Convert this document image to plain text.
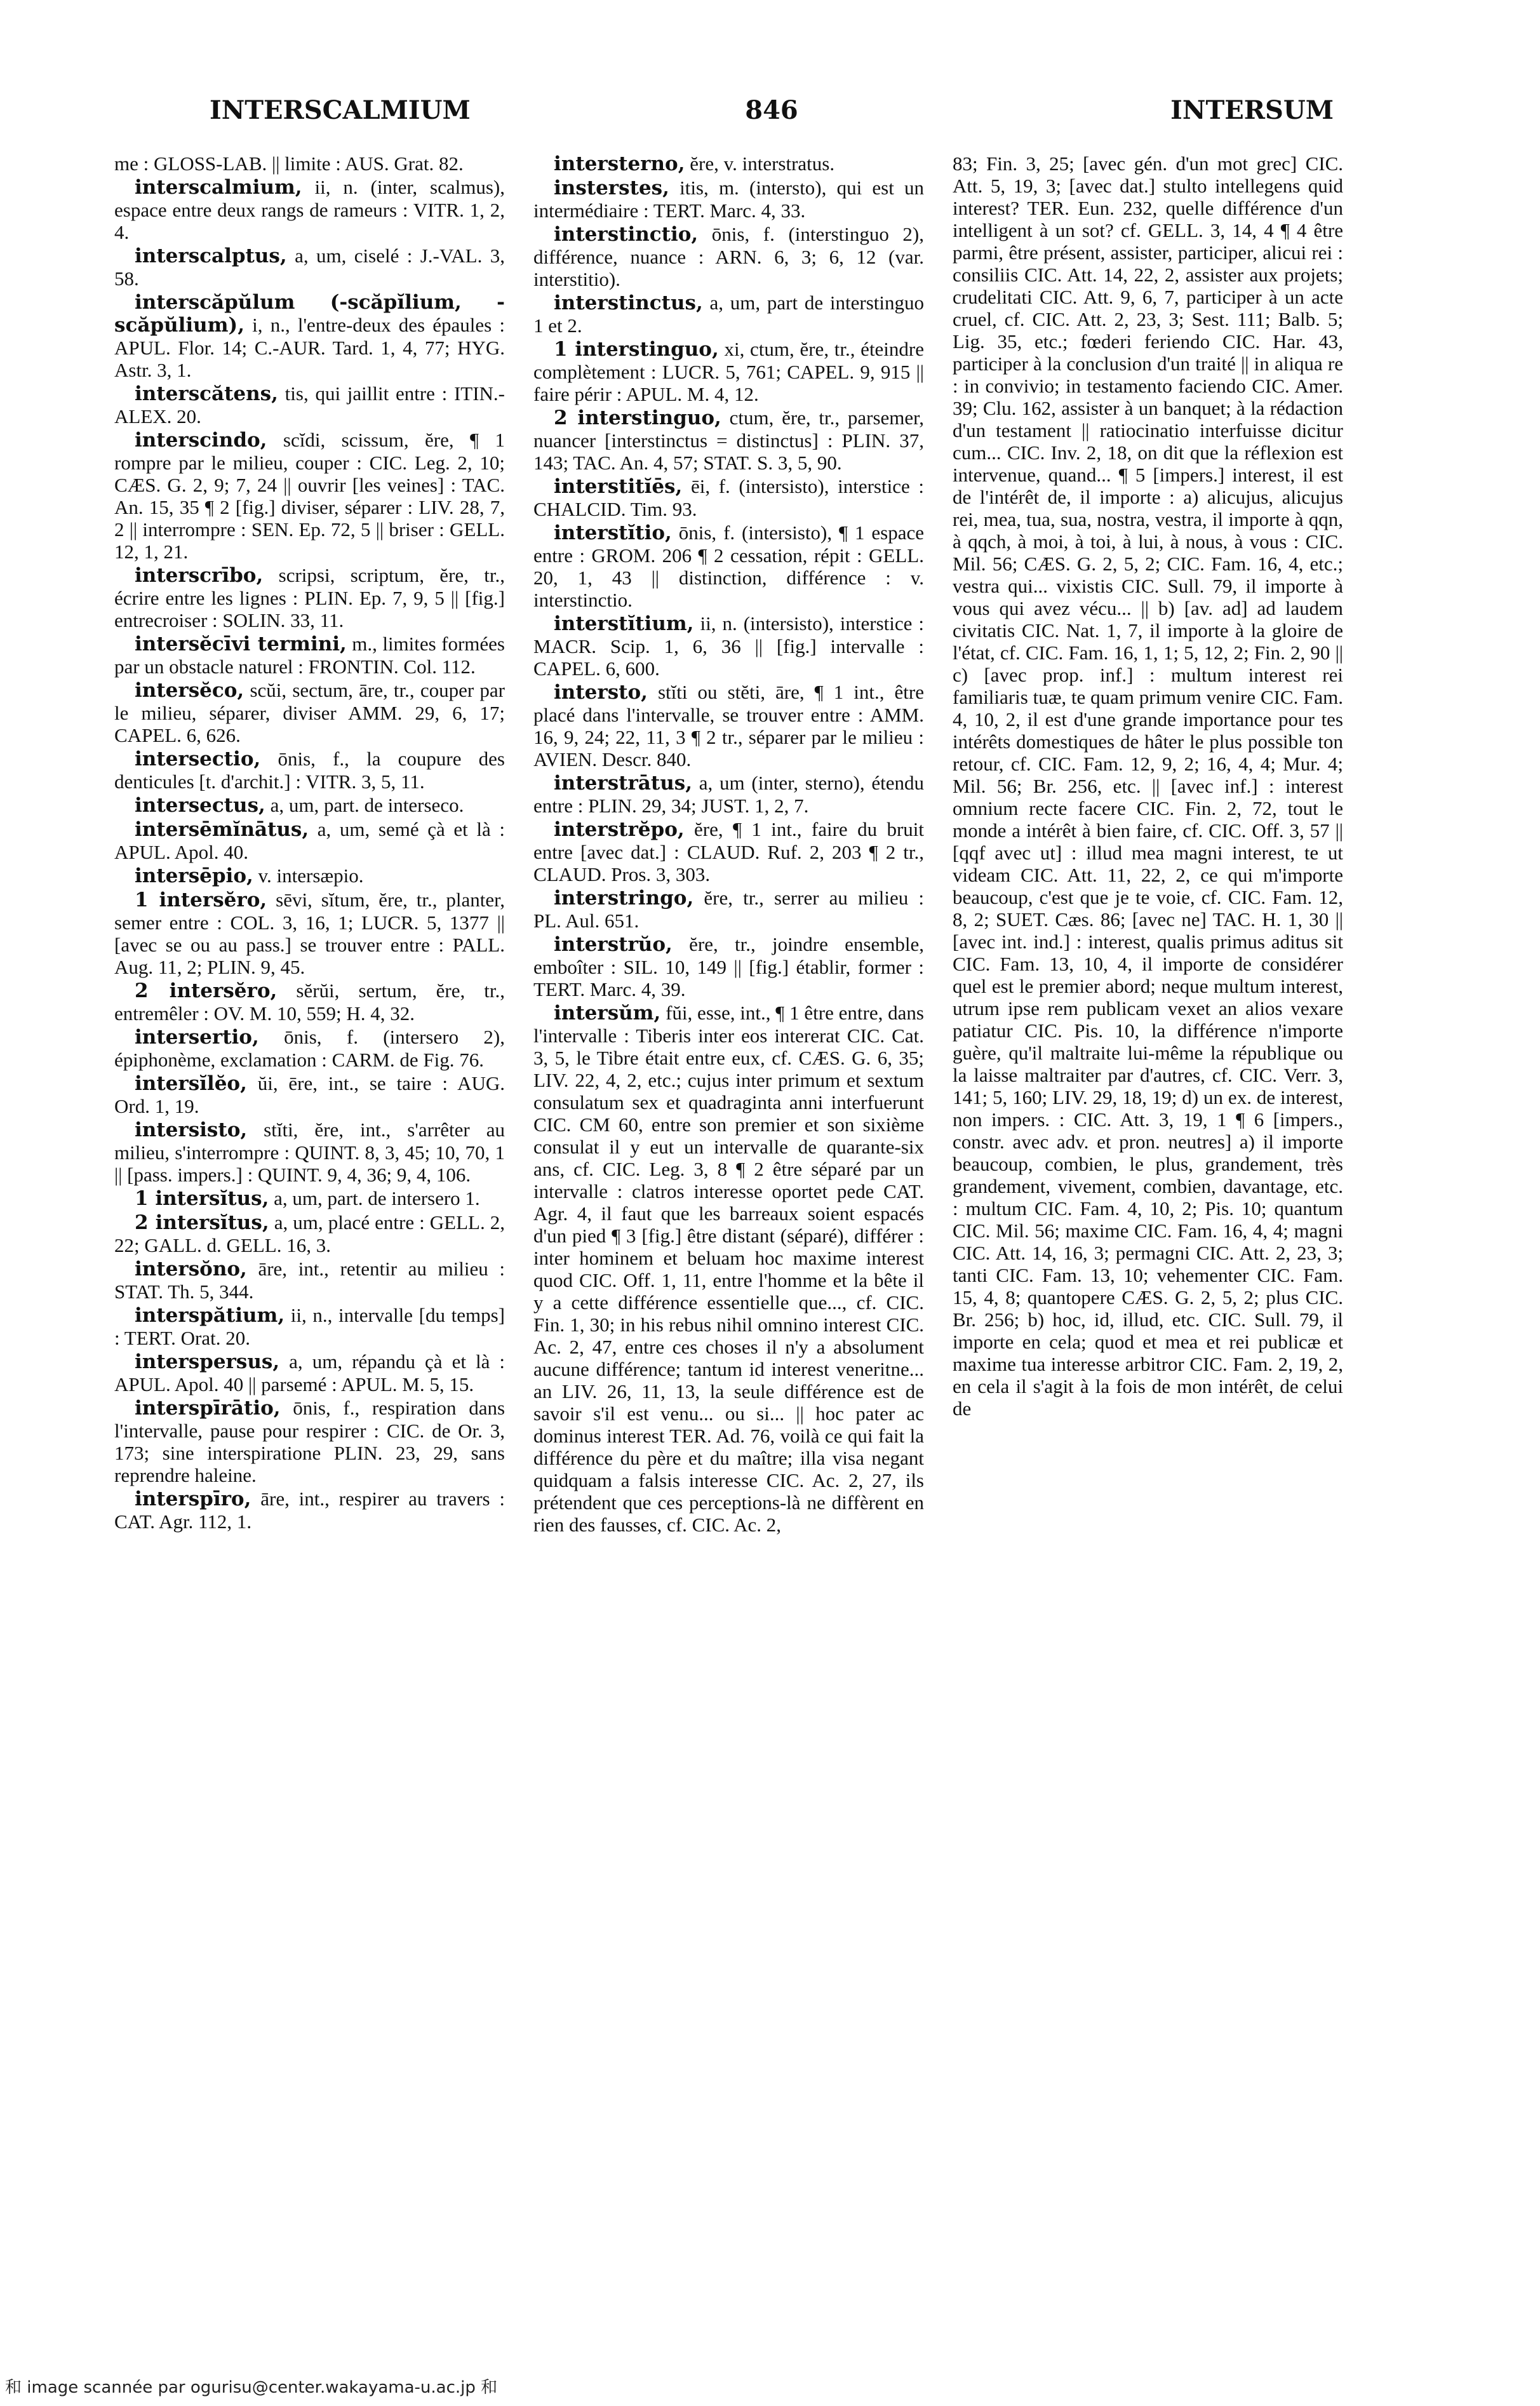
INTERSCALMIUM	846	INTERSUM

me : GLOSS-LAB. || limite : AUS. Grat. 82.

interscalmium, ii, n. (inter, scalmus), espace entre deux rangs de rameurs : VITR. 1, 2, 4.

interscalptus, a, um, ciselé : J.-VAL. 3, 58.

interscăpŭlum (-scăpĭlium, -scăpŭlium), i, n., l'entre-deux des épaules : APUL. Flor. 14; C.-AUR. Tard. 1, 4, 77; HYG. Astr. 3, 1.

interscătens, tis, qui jaillit entre : ITIN.-ALEX. 20.

interscindo, scĭdi, scissum, ĕre, ¶ 1 rompre par le milieu, couper : CIC. Leg. 2, 10; CÆS. G. 2, 9; 7, 24 || ouvrir [les veines] : TAC. An. 15, 35 ¶ 2 [fig.] diviser, séparer : LIV. 28, 7, 2 || interrompre : SEN. Ep. 72, 5 || briser : GELL. 12, 1, 21.

interscrībo, scripsi, scriptum, ĕre, tr., écrire entre les lignes : PLIN. Ep. 7, 9, 5 || [fig.] entrecroiser : SOLIN. 33, 11.

intersĕcīvi termini, m., limites formées par un obstacle naturel : FRONTIN. Col. 112.

intersĕco, scŭi, sectum, āre, tr., couper par le milieu, séparer, diviser AMM. 29, 6, 17; CAPEL. 6, 626.

intersectio, ōnis, f., la coupure des denticules [t. d'archit.] : VITR. 3, 5, 11.

intersectus, a, um, part. de interseco.

intersēmĭnātus, a, um, semé çà et là : APUL. Apol. 40.

intersēpio, v. intersæpio.

1 intersĕro, sēvi, sĭtum, ĕre, tr., planter, semer entre : COL. 3, 16, 1; LUCR. 5, 1377 || [avec se ou au pass.] se trouver entre : PALL. Aug. 11, 2; PLIN. 9, 45.

2 intersĕro, sĕrŭi, sertum, ĕre, tr., entremêler : OV. M. 10, 559; H. 4, 32.

intersertio, ōnis, f. (intersero 2), épiphonème, exclamation : CARM. de Fig. 76.

intersĭlĕo, ŭi, ēre, int., se taire : AUG. Ord. 1, 19.

intersisto, stĭti, ĕre, int., s'arrêter au milieu, s'interrompre : QUINT. 8, 3, 45; 10, 70, 1 || [pass. impers.] : QUINT. 9, 4, 36; 9, 4, 106.

1 intersĭtus, a, um, part. de intersero 1.

2 intersĭtus, a, um, placé entre : GELL. 2, 22; GALL. d. GELL. 16, 3.

intersŏno, āre, int., retentir au milieu : STAT. Th. 5, 344.

interspătium, ii, n., intervalle [du temps] : TERT. Orat. 20.

interspersus, a, um, répandu çà et là : APUL. Apol. 40 || parsemé : APUL. M. 5, 15.

interspīrātio, ōnis, f., respiration dans l'intervalle, pause pour respirer : CIC. de Or. 3, 173; sine interspiratione PLIN. 23, 29, sans reprendre haleine.

interspīro, āre, int., respirer au travers : CAT. Agr. 112, 1.

intersterno, ĕre, v. interstratus.

insterstes, itis, m. (intersto), qui est un intermédiaire : TERT. Marc. 4, 33.

interstinctio, ōnis, f. (interstinguo 2), différence, nuance : ARN. 6, 3; 6, 12 (var. interstitio).

interstinctus, a, um, part de interstinguo 1 et 2.

1 interstinguo, xi, ctum, ĕre, tr., éteindre complètement : LUCR. 5, 761; CAPEL. 9, 915 || faire périr : APUL. M. 4, 12.

2 interstinguo, ctum, ĕre, tr., parsemer, nuancer [interstinctus = distinctus] : PLIN. 37, 143; TAC. An. 4, 57; STAT. S. 3, 5, 90.

interstitĭēs, ēi, f. (intersisto), interstice : CHALCID. Tim. 93.

interstĭtio, ōnis, f. (intersisto), ¶ 1 espace entre : GROM. 206 ¶ 2 cessation, répit : GELL. 20, 1, 43 || distinction, différence : v. interstinctio.

interstĭtium, ii, n. (intersisto), interstice : MACR. Scip. 1, 6, 36 || [fig.] intervalle : CAPEL. 6, 600.

intersto, stĭti ou stĕti, āre, ¶ 1 int., être placé dans l'intervalle, se trouver entre : AMM. 16, 9, 24; 22, 11, 3 ¶ 2 tr., séparer par le milieu : AVIEN. Descr. 840.

interstrātus, a, um (inter, sterno), étendu entre : PLIN. 29, 34; JUST. 1, 2, 7.

interstrĕpo, ĕre, ¶ 1 int., faire du bruit entre [avec dat.] : CLAUD. Ruf. 2, 203 ¶ 2 tr., CLAUD. Pros. 3, 303.

interstringo, ĕre, tr., serrer au milieu : PL. Aul. 651.

interstrŭo, ĕre, tr., joindre ensemble, emboîter : SIL. 10, 149 || [fig.] établir, former : TERT. Marc. 4, 39.

intersŭm, fŭi, esse, int., ¶ 1 être entre, dans l'intervalle : Tiberis inter eos intererat CIC. Cat. 3, 5, le Tibre était entre eux, cf. CÆS. G. 6, 35; LIV. 22, 4, 2, etc.; cujus inter primum et sextum consulatum sex et quadraginta anni interfuerunt CIC. CM 60, entre son premier et son sixième consulat il y eut un intervalle de quarante-six ans, cf. CIC. Leg. 3, 8 ¶ 2 être séparé par un intervalle : clatros interesse oportet pede CAT. Agr. 4, il faut que les barreaux soient espacés d'un pied ¶ 3 [fig.] être distant (séparé), différer : inter hominem et beluam hoc maxime interest quod CIC. Off. 1, 11, entre l'homme et la bête il y a cette différence essentielle que..., cf. CIC. Fin. 1, 30; in his rebus nihil omnino interest CIC. Ac. 2, 47, entre ces choses il n'y a absolument aucune différence; tantum id interest veneritne... an LIV. 26, 11, 13, la seule différence est de savoir s'il est venu... ou si... || hoc pater ac dominus interest TER. Ad. 76, voilà ce qui fait la différence du père et du maître; illa visa negant quidquam a falsis interesse CIC. Ac. 2, 27, ils prétendent que ces perceptions-là ne diffèrent en rien des fausses, cf. CIC. Ac. 2,

83; Fin. 3, 25; [avec gén. d'un mot grec] CIC. Att. 5, 19, 3; [avec dat.] stulto intellegens quid interest? TER. Eun. 232, quelle différence d'un intelligent à un sot? cf. GELL. 3, 14, 4 ¶ 4 être parmi, être présent, assister, participer, alicui rei : consiliis CIC. Att. 14, 22, 2, assister aux projets; crudelitati CIC. Att. 9, 6, 7, participer à un acte cruel, cf. CIC. Att. 2, 23, 3; Sest. 111; Balb. 5; Lig. 35, etc.; fœderi feriendo CIC. Har. 43, participer à la conclusion d'un traité || in aliqua re : in convivio; in testamento faciendo CIC. Amer. 39; Clu. 162, assister à un banquet; à la rédaction d'un testament || ratiocinatio interfuisse dicitur cum... CIC. Inv. 2, 18, on dit que la réflexion est intervenue, quand... ¶ 5 [impers.] interest, il est de l'intérêt de, il importe : a) alicujus, alicujus rei, mea, tua, sua, nostra, vestra, il importe à qqn, à qqch, à moi, à toi, à lui, à nous, à vous : CIC. Mil. 56; CÆS. G. 2, 5, 2; CIC. Fam. 16, 4, etc.; vestra qui... vixistis CIC. Sull. 79, il importe à vous qui avez vécu... || b) [av. ad] ad laudem civitatis CIC. Nat. 1, 7, il importe à la gloire de l'état, cf. CIC. Fam. 16, 1, 1; 5, 12, 2; Fin. 2, 90 || c) [avec prop. inf.] : multum interest rei familiaris tuæ, te quam primum venire CIC. Fam. 4, 10, 2, il est d'une grande importance pour tes intérêts domestiques de hâter le plus possible ton retour, cf. CIC. Fam. 12, 9, 2; 16, 4, 4; Mur. 4; Mil. 56; Br. 256, etc. || [avec inf.] : interest omnium recte facere CIC. Fin. 2, 72, tout le monde a intérêt à bien faire, cf. CIC. Off. 3, 57 || [qqf avec ut] : illud mea magni interest, te ut videam CIC. Att. 11, 22, 2, ce qui m'importe beaucoup, c'est que je te voie, cf. CIC. Fam. 12, 8, 2; SUET. Cæs. 86; [avec ne] TAC. H. 1, 30 || [avec int. ind.] : interest, qualis primus aditus sit CIC. Fam. 13, 10, 4, il importe de considérer quel est le premier abord; neque multum interest, utrum ipse rem publicam vexet an alios vexare patiatur CIC. Pis. 10, la différence n'importe guère, qu'il maltraite lui-même la république ou la laisse maltraiter par d'autres, cf. CIC. Verr. 3, 141; 5, 160; LIV. 29, 18, 19; d) un ex. de interest, non impers. : CIC. Att. 3, 19, 1 ¶ 6 [impers., constr. avec adv. et pron. neutres] a) il importe beaucoup, combien, le plus, grandement, très grandement, vivement, combien, davantage, etc. : multum CIC. Fam. 4, 10, 2; Pis. 10; quantum CIC. Mil. 56; maxime CIC. Fam. 16, 4, 4; magni CIC. Att. 14, 16, 3; permagni CIC. Att. 2, 23, 3; tanti CIC. Fam. 13, 10; vehementer CIC. Fam. 15, 4, 8; quantopere CÆS. G. 2, 5, 2; plus CIC. Br. 256; b) hoc, id, illud, etc. CIC. Sull. 79, il importe en cela; quod et mea et rei publicæ et maxime tua interesse arbitror CIC. Fam. 2, 19, 2, en cela il s'agit à la fois de mon intérêt, de celui de

和 image scannée par ogurisu@center.wakayama-u.ac.jp 和
